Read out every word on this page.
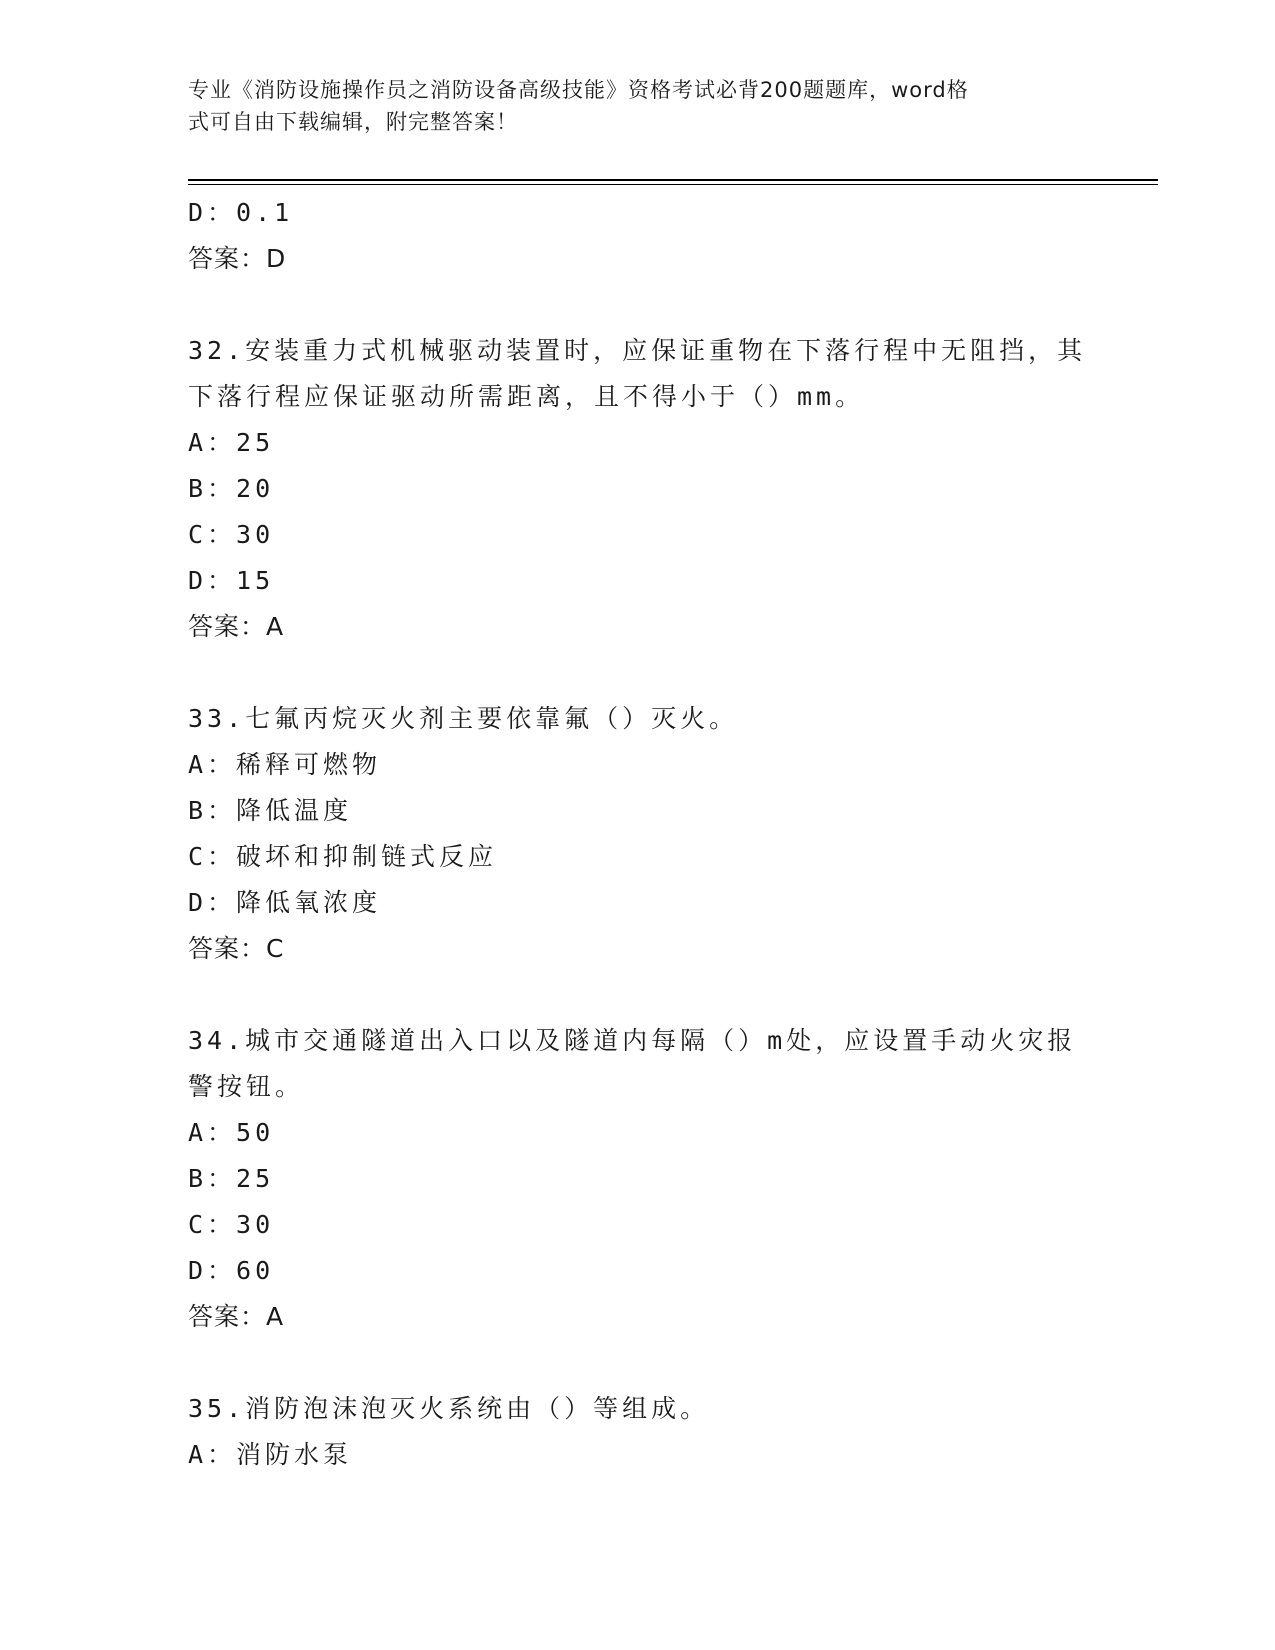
专业《消防设施操作员之消防设备高级技能》资格考试必背200题题库，word格
式可自由下载编辑，附完整答案！
D：0.1
答案：D
32.安装重力式机械驱动装置时，应保证重物在下落行程中无阻挡，其
下落行程应保证驱动所需距离，且不得小于（）mm。
A：25
B：20
C：30
D：15
答案：A
33.七氟丙烷灭火剂主要依靠氟（）灭火。
A：稀释可燃物
B：降低温度
C：破坏和抑制链式反应
D：降低氧浓度
答案：C
34.城市交通隧道出入口以及隧道内每隔（）m处，应设置手动火灾报
警按钮。
A：50
B：25
C：30
D：60
答案：A
35.消防泡沫泡灭火系统由（）等组成。
A：消防水泵
